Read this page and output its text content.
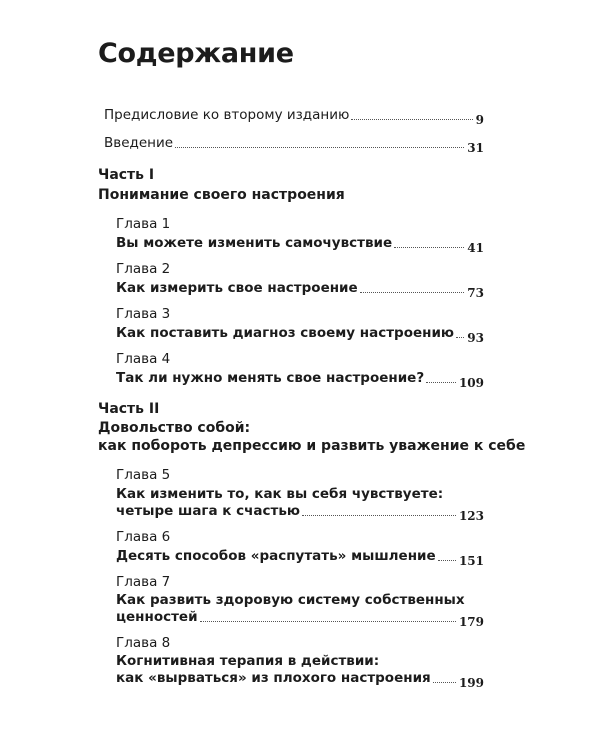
Содержание
Предисловие ко второму изданию	9
Введение	31
Часть I
Понимание своего настроения
Глава 1
Вы можете изменить самочувствие	41
Глава 2
Как измерить свое настроение	73
Глава 3
Как поставить диагноз своему настроению 93
Глава 4
Так ли нужно менять свое настроение?	109
Часть II
Довольство собой:
как побороть депрессию и развить уважение к себе
Глава 5
Как изменить то, как вы себя чувствуете:
четыре шага к счастью	123
Глава 6
Десять способов «распутать» мышление 151
Глава 7
Как развить здоровую систему собственных
ценностей	179
Глава 8
Когнитивная терапия в действии:
как «вырваться» из плохого настроения 199
